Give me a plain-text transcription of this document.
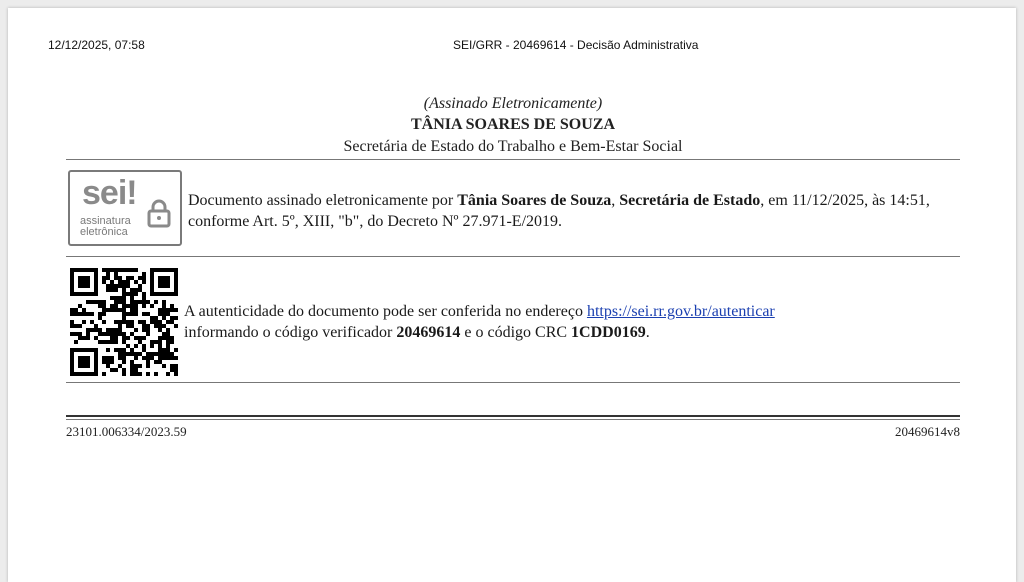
12/12/2025, 07:58	SEI/GRR - 20469614 - Decisão Administrativa
(Assinado Eletronicamente)
TÂNIA SOARES DE SOUZA
Secretária de Estado do Trabalho e Bem-Estar Social
sei!
assinatura
eletrônica
Documento assinado eletronicamente por Tânia Soares de Souza, Secretária de Estado, em 11/12/2025, às 14:51, conforme Art. 5º, XIII, "b", do Decreto Nº 27.971-E/2019.
A autenticidade do documento pode ser conferida no endereço https://sei.rr.gov.br/autenticar
informando o código verificador 20469614 e o código CRC 1CDD0169.
23101.006334/2023.59	20469614v8
